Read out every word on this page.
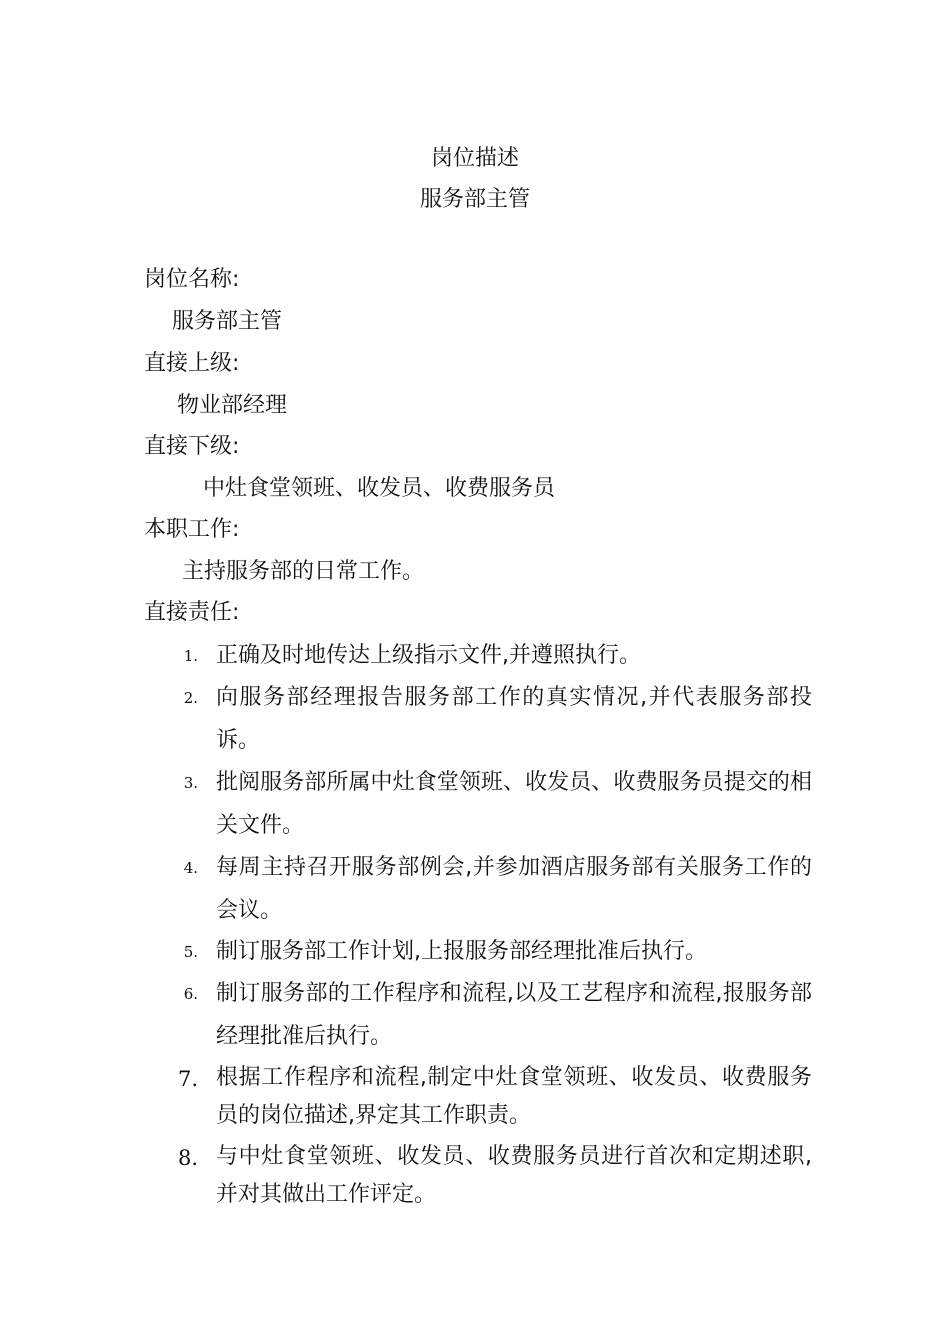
岗位描述
服务部主管
岗位名称:
服务部主管
直接上级:
物业部经理
直接下级:
中灶食堂领班、收发员、收费服务员
本职工作:
主持服务部的日常工作。
直接责任:
1. 正确及时地传达上级指示文件,并遵照执行。
2. 向服务部经理报告服务部工作的真实情况,并代表服务部投诉。
3. 批阅服务部所属中灶食堂领班、收发员、收费服务员提交的相关文件。
4. 每周主持召开服务部例会,并参加酒店服务部有关服务工作的会议。
5. 制订服务部工作计划,上报服务部经理批准后执行。
6. 制订服务部的工作程序和流程,以及工艺程序和流程,报服务部经理批准后执行。
7. 根据工作程序和流程,制定中灶食堂领班、收发员、收费服务员的岗位描述,界定其工作职责。
8. 与中灶食堂领班、收发员、收费服务员进行首次和定期述职,并对其做出工作评定。
